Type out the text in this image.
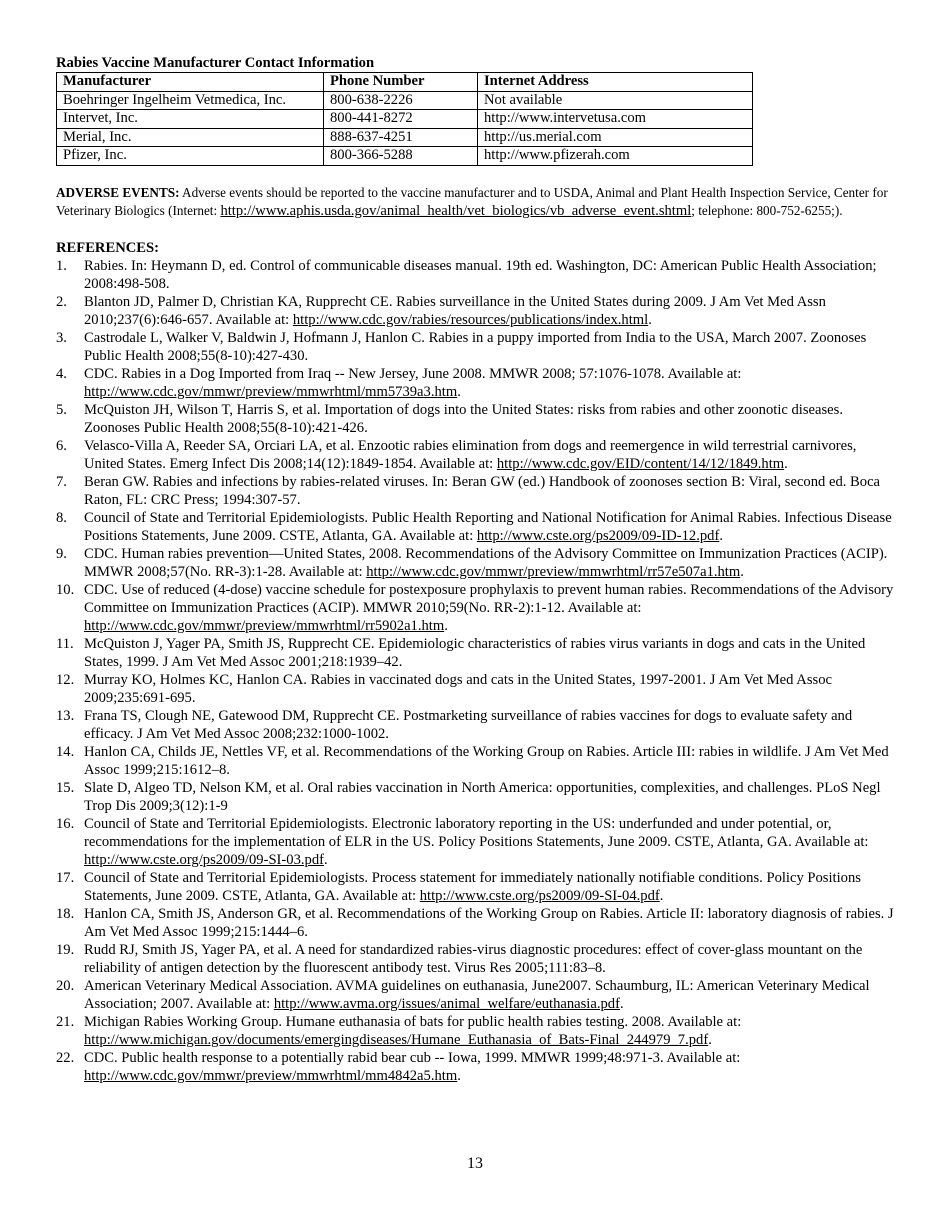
Rabies Vaccine Manufacturer Contact Information
Manufacturer	Phone Number	Internet Address
Boehringer Ingelheim Vetmedica, Inc.	800-638-2226	Not available
Intervet, Inc.	800-441-8272	http://www.intervetusa.com
Merial, Inc.	888-637-4251	http://us.merial.com
Pfizer, Inc.	800-366-5288	http://www.pfizerah.com
ADVERSE EVENTS: Adverse events should be reported to the vaccine manufacturer and to USDA, Animal and Plant Health Inspection Service, Center for Veterinary Biologics (Internet: http://www.aphis.usda.gov/animal_health/vet_biologics/vb_adverse_event.shtml; telephone: 800-752-6255;).
REFERENCES:
1. Rabies. In: Heymann D, ed. Control of communicable diseases manual. 19th ed. Washington, DC: American Public Health Association; 2008:498-508.
2. Blanton JD, Palmer D, Christian KA, Rupprecht CE. Rabies surveillance in the United States during 2009. J Am Vet Med Assn 2010;237(6):646-657. Available at: http://www.cdc.gov/rabies/resources/publications/index.html.
3. Castrodale L, Walker V, Baldwin J, Hofmann J, Hanlon C. Rabies in a puppy imported from India to the USA, March 2007. Zoonoses Public Health 2008;55(8-10):427-430.
4. CDC. Rabies in a Dog Imported from Iraq -- New Jersey, June 2008. MMWR 2008; 57:1076-1078. Available at: http://www.cdc.gov/mmwr/preview/mmwrhtml/mm5739a3.htm.
5. McQuiston JH, Wilson T, Harris S, et al. Importation of dogs into the United States: risks from rabies and other zoonotic diseases. Zoonoses Public Health 2008;55(8-10):421-426.
6. Velasco-Villa A, Reeder SA, Orciari LA, et al. Enzootic rabies elimination from dogs and reemergence in wild terrestrial carnivores, United States. Emerg Infect Dis 2008;14(12):1849-1854. Available at: http://www.cdc.gov/EID/content/14/12/1849.htm.
7. Beran GW. Rabies and infections by rabies-related viruses. In: Beran GW (ed.) Handbook of zoonoses section B: Viral, second ed. Boca Raton, FL: CRC Press; 1994:307-57.
8. Council of State and Territorial Epidemiologists. Public Health Reporting and National Notification for Animal Rabies. Infectious Disease Positions Statements, June 2009. CSTE, Atlanta, GA. Available at: http://www.cste.org/ps2009/09-ID-12.pdf.
9. CDC. Human rabies prevention—United States, 2008. Recommendations of the Advisory Committee on Immunization Practices (ACIP). MMWR 2008;57(No. RR-3):1-28. Available at: http://www.cdc.gov/mmwr/preview/mmwrhtml/rr57e507a1.htm.
10. CDC. Use of reduced (4-dose) vaccine schedule for postexposure prophylaxis to prevent human rabies. Recommendations of the Advisory Committee on Immunization Practices (ACIP). MMWR 2010;59(No. RR-2):1-12. Available at: http://www.cdc.gov/mmwr/preview/mmwrhtml/rr5902a1.htm.
11. McQuiston J, Yager PA, Smith JS, Rupprecht CE. Epidemiologic characteristics of rabies virus variants in dogs and cats in the United States, 1999. J Am Vet Med Assoc 2001;218:1939–42.
12. Murray KO, Holmes KC, Hanlon CA. Rabies in vaccinated dogs and cats in the United States, 1997-2001. J Am Vet Med Assoc 2009;235:691-695.
13. Frana TS, Clough NE, Gatewood DM, Rupprecht CE. Postmarketing surveillance of rabies vaccines for dogs to evaluate safety and efficacy. J Am Vet Med Assoc 2008;232:1000-1002.
14. Hanlon CA, Childs JE, Nettles VF, et al. Recommendations of the Working Group on Rabies. Article III: rabies in wildlife. J Am Vet Med Assoc 1999;215:1612–8.
15. Slate D, Algeo TD, Nelson KM, et al. Oral rabies vaccination in North America: opportunities, complexities, and challenges. PLoS Negl Trop Dis 2009;3(12):1-9
16. Council of State and Territorial Epidemiologists. Electronic laboratory reporting in the US: underfunded and under potential, or, recommendations for the implementation of ELR in the US. Policy Positions Statements, June 2009. CSTE, Atlanta, GA. Available at: http://www.cste.org/ps2009/09-SI-03.pdf.
17. Council of State and Territorial Epidemiologists. Process statement for immediately nationally notifiable conditions. Policy Positions Statements, June 2009. CSTE, Atlanta, GA. Available at: http://www.cste.org/ps2009/09-SI-04.pdf.
18. Hanlon CA, Smith JS, Anderson GR, et al. Recommendations of the Working Group on Rabies. Article II: laboratory diagnosis of rabies. J Am Vet Med Assoc 1999;215:1444–6.
19. Rudd RJ, Smith JS, Yager PA, et al. A need for standardized rabies-virus diagnostic procedures: effect of cover-glass mountant on the reliability of antigen detection by the fluorescent antibody test. Virus Res 2005;111:83–8.
20. American Veterinary Medical Association. AVMA guidelines on euthanasia, June2007. Schaumburg, IL: American Veterinary Medical Association; 2007. Available at: http://www.avma.org/issues/animal_welfare/euthanasia.pdf.
21. Michigan Rabies Working Group. Humane euthanasia of bats for public health rabies testing. 2008. Available at: http://www.michigan.gov/documents/emergingdiseases/Humane_Euthanasia_of_Bats-Final_244979_7.pdf.
22. CDC. Public health response to a potentially rabid bear cub -- Iowa, 1999. MMWR 1999;48:971-3. Available at: http://www.cdc.gov/mmwr/preview/mmwrhtml/mm4842a5.htm.
13
